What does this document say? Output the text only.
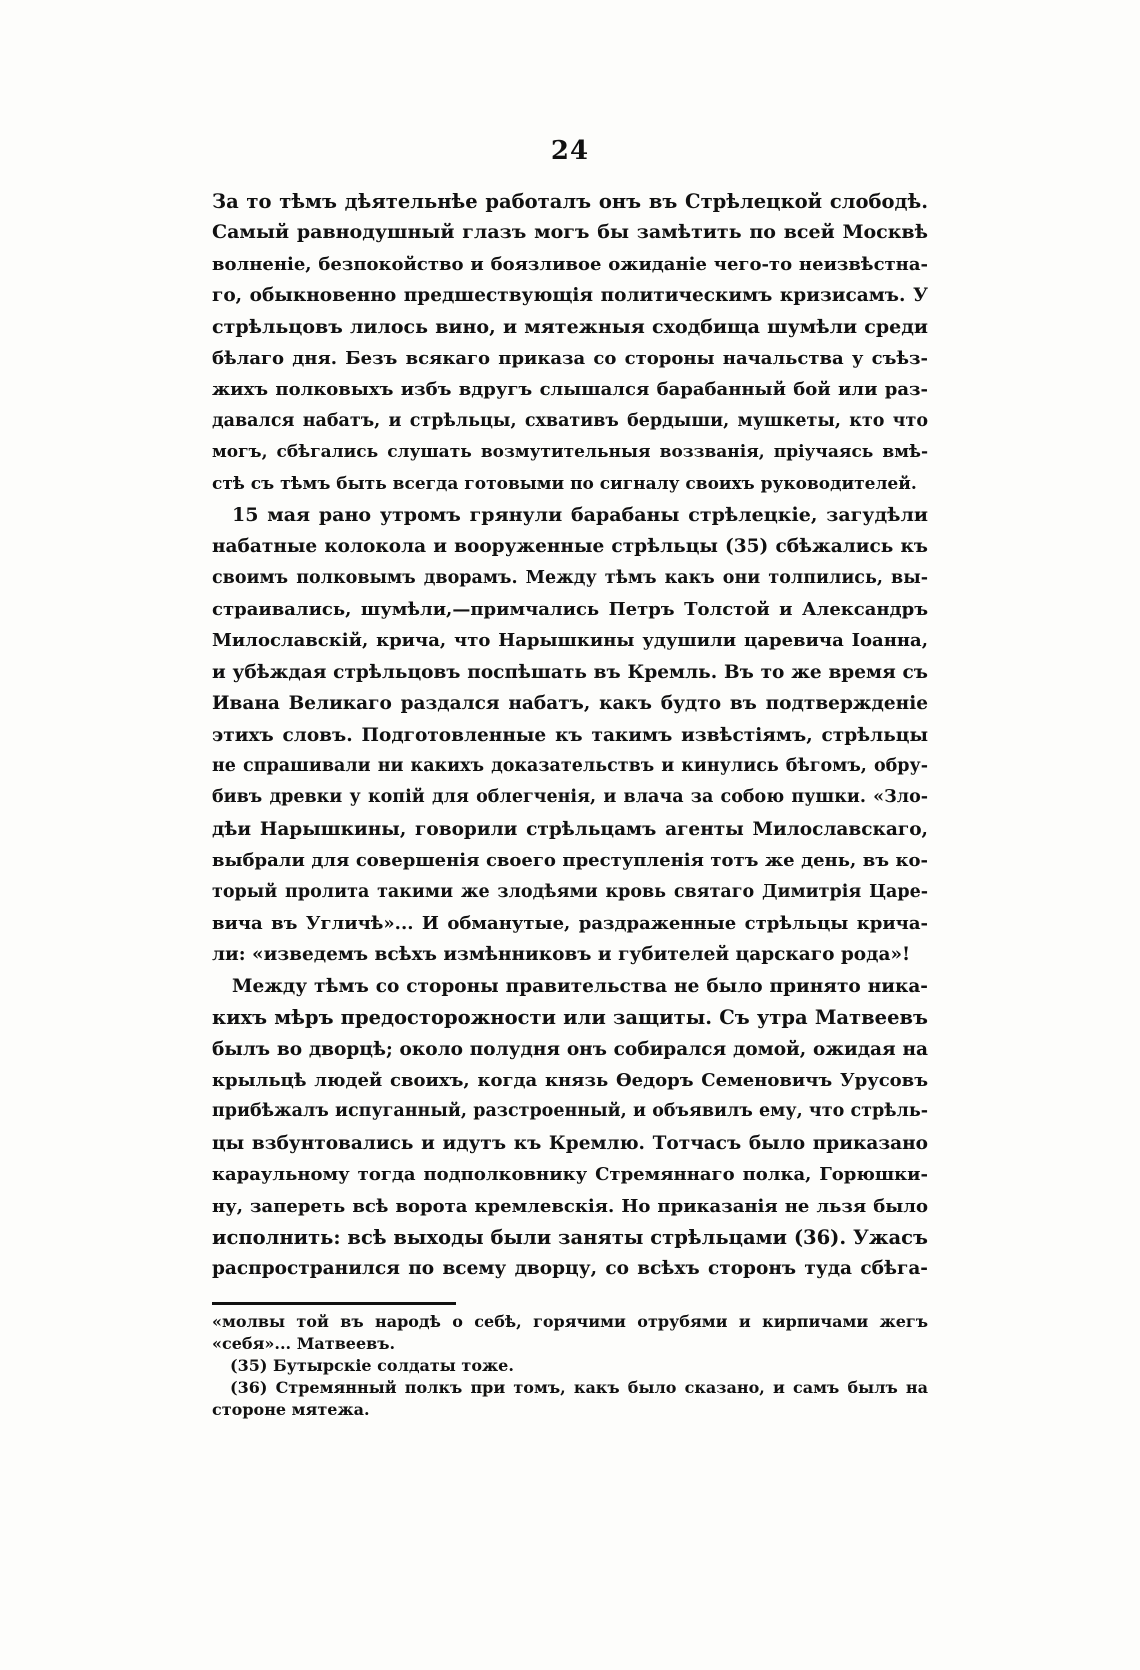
24
За то тѣмъ дѣятельнѣе работалъ онъ въ Стрѣлецкой слободѣ.
Самый равнодушный глазъ могъ бы замѣтить по всей Москвѣ
волненіе, безпокойство и боязливое ожиданіе чего-то неизвѣстна-
го, обыкновенно предшествующія политическимъ кризисамъ. У
стрѣльцовъ лилось вино, и мятежныя сходбища шумѣли среди
бѣлаго дня. Безъ всякаго приказа со стороны начальства у съѣз-
жихъ полковыхъ избъ вдругъ слышался барабанный бой или раз-
давался набатъ, и стрѣльцы, схвативъ бердыши, мушкеты, кто что
могъ, сбѣгались слушать возмутительныя воззванія, пріучаясь вмѣ-
стѣ съ тѣмъ быть всегда готовыми по сигналу своихъ руководителей.
15 мая рано утромъ грянули барабаны стрѣлецкіе, загудѣли
набатные колокола и вооруженные стрѣльцы (35) сбѣжались къ
своимъ полковымъ дворамъ. Между тѣмъ какъ они толпились, вы-
страивались, шумѣли,—примчались Петръ Толстой и Александръ
Милославскій, крича, что Нарышкины удушили царевича Іоанна,
и убѣждая стрѣльцовъ поспѣшать въ Кремль. Въ то же время съ
Ивана Великаго раздался набатъ, какъ будто въ подтвержденіе
этихъ словъ. Подготовленные къ такимъ извѣстіямъ, стрѣльцы
не спрашивали ни какихъ доказательствъ и кинулись бѣгомъ, обру-
бивъ древки у копій для облегченія, и влача за собою пушки. «Зло-
дѣи Нарышкины, говорили стрѣльцамъ агенты Милославскаго,
выбрали для совершенія своего преступленія тотъ же день, въ ко-
торый пролита такими же злодѣями кровь святаго Димитрія Царе-
вича въ Угличѣ»... И обманутые, раздраженные стрѣльцы крича-
ли: «изведемъ всѣхъ измѣнниковъ и губителей царскаго рода»!
Между тѣмъ со стороны правительства не было принято ника-
кихъ мѣръ предосторожности или защиты. Съ утра Матвеевъ
былъ во дворцѣ; около полудня онъ собирался домой, ожидая на
крыльцѣ людей своихъ, когда князь Ѳедоръ Семеновичъ Урусовъ
прибѣжалъ испуганный, разстроенный, и объявилъ ему, что стрѣль-
цы взбунтовались и идутъ къ Кремлю. Тотчасъ было приказано
караульному тогда подполковнику Стремяннаго полка, Горюшки-
ну, запереть всѣ ворота кремлевскія. Но приказанія не льзя было
исполнить: всѣ выходы были заняты стрѣльцами (36). Ужасъ
распространился по всему дворцу, со всѣхъ сторонъ туда сбѣга-
«молвы той въ народѣ о себѣ, горячими отрубями и кирпичами жегъ
«себя»... Матвеевъ.
(35) Бутырскіе солдаты тоже.
(36) Стремянный полкъ при томъ, какъ было сказано, и самъ былъ на
стороне мятежа.
